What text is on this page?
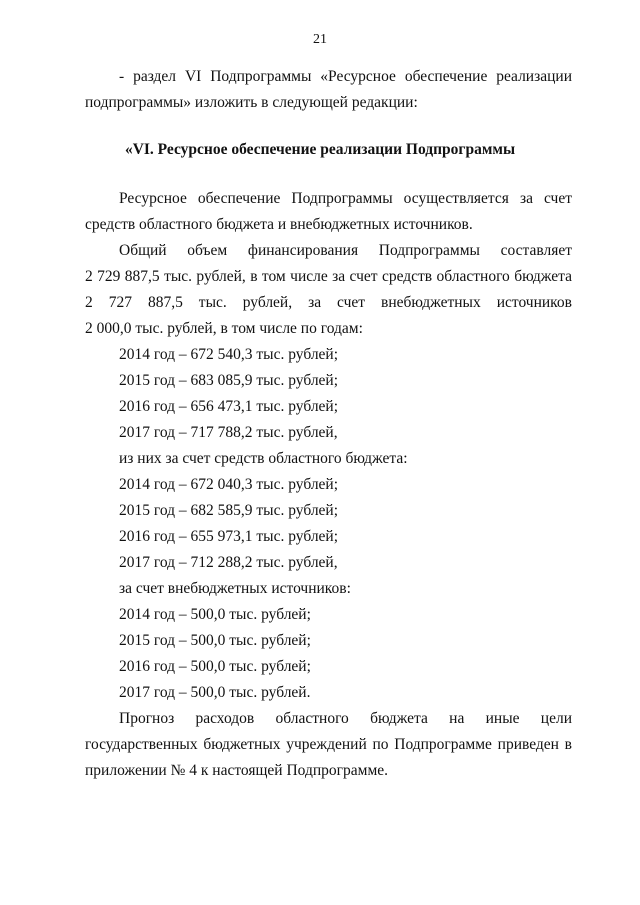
21
- раздел VI Подпрограммы «Ресурсное обеспечение реализации
подпрограммы» изложить в следующей редакции:
«VI. Ресурсное обеспечение реализации Подпрограммы
Ресурсное обеспечение Подпрограммы осуществляется за счет
средств областного бюджета и внебюджетных источников.
Общий объем финансирования Подпрограммы составляет
2 729 887,5 тыс. рублей, в том числе за счет средств областного бюджета
2 727 887,5 тыс. рублей, за счет внебюджетных источников
2 000,0 тыс. рублей, в том числе по годам:
2014 год – 672 540,3 тыс. рублей;
2015 год – 683 085,9 тыс. рублей;
2016 год – 656 473,1 тыс. рублей;
2017 год – 717 788,2 тыс. рублей,
из них за счет средств областного бюджета:
2014 год – 672 040,3 тыс. рублей;
2015 год – 682 585,9 тыс. рублей;
2016 год – 655 973,1 тыс. рублей;
2017 год – 712 288,2 тыс. рублей,
за счет внебюджетных источников:
2014 год – 500,0 тыс. рублей;
2015 год – 500,0 тыс. рублей;
2016 год – 500,0 тыс. рублей;
2017 год – 500,0 тыс. рублей.
Прогноз расходов областного бюджета на иные цели
государственных бюджетных учреждений по Подпрограмме приведен в
приложении № 4 к настоящей Подпрограмме.
